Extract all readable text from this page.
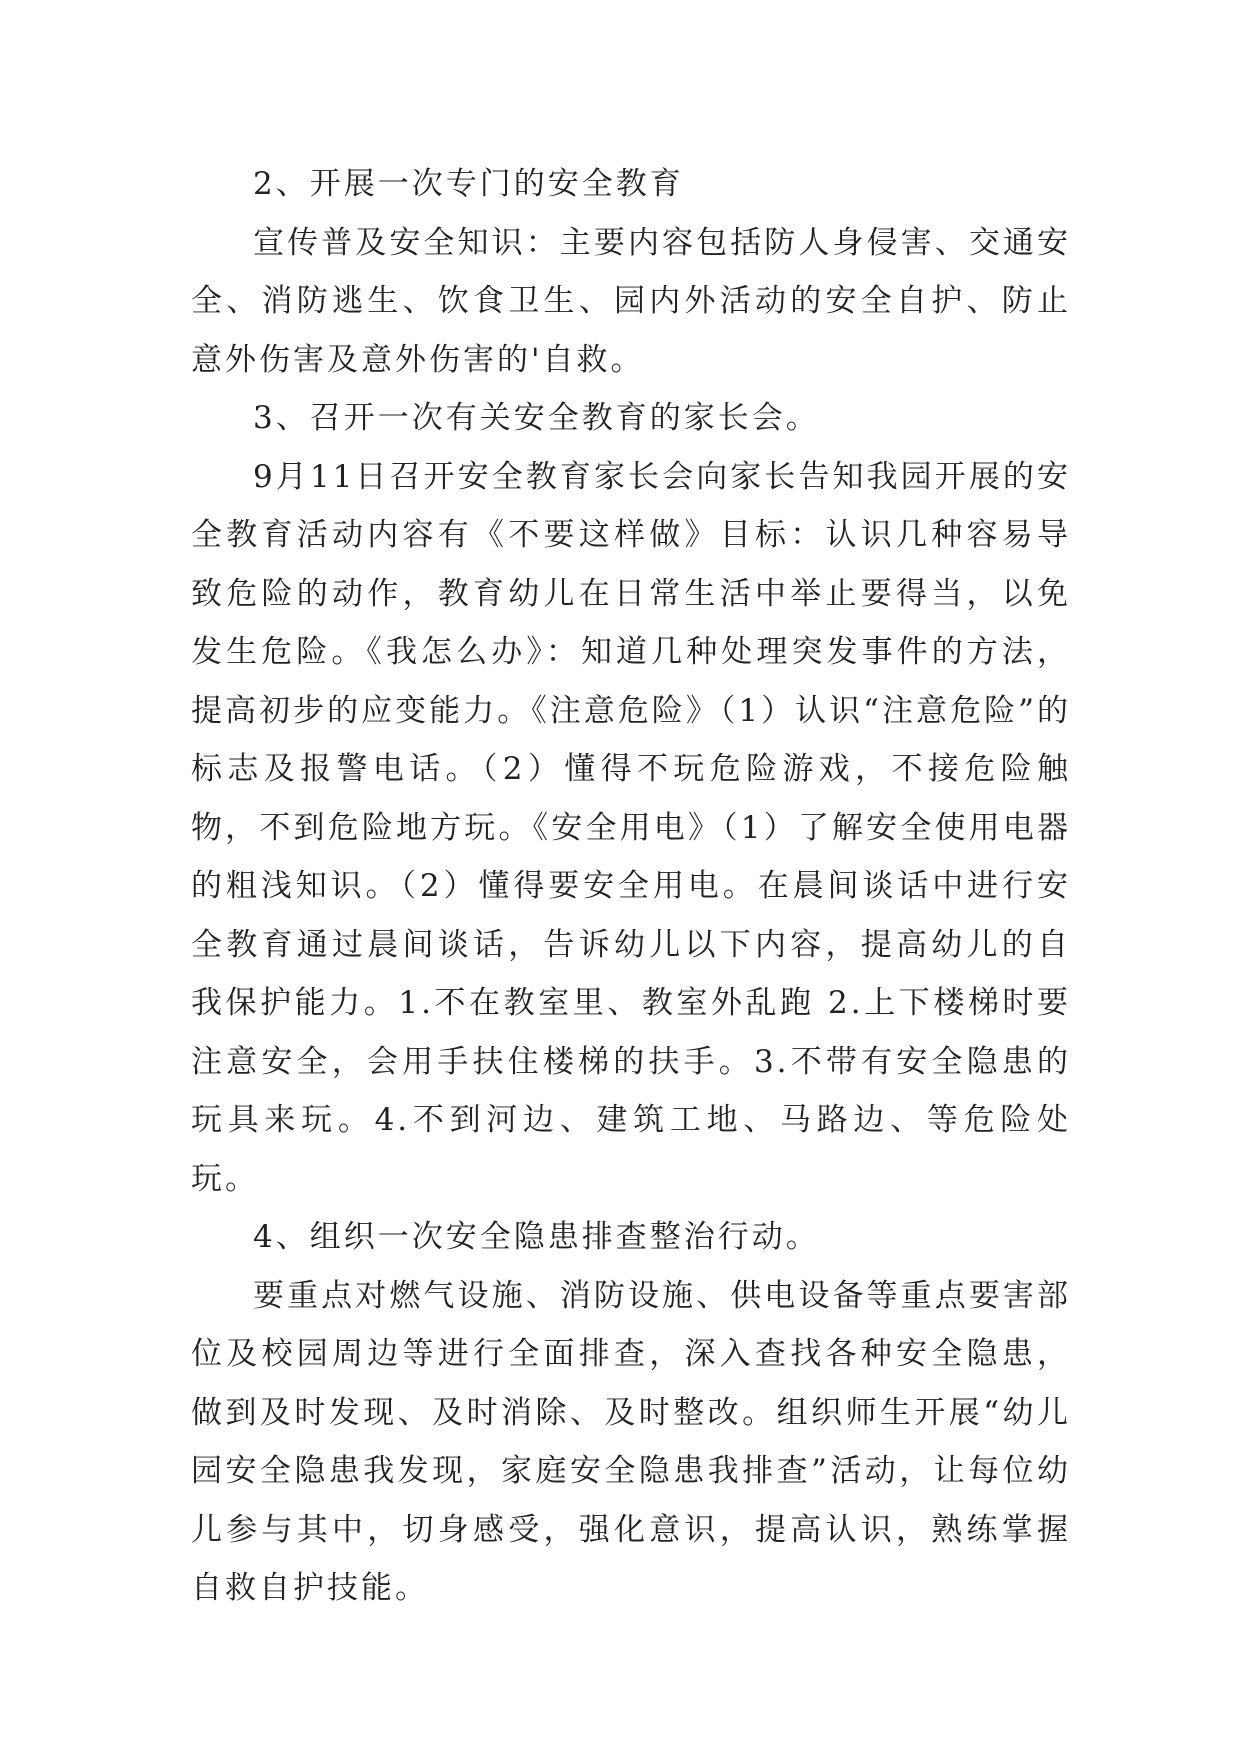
2、开展一次专门的安全教育

宣传普及安全知识：主要内容包括防人身侵害、交通安全、消防逃生、饮食卫生、园内外活动的安全自护、防止意外伤害及意外伤害的'自救。

3、召开一次有关安全教育的家长会。

9月11日召开安全教育家长会向家长告知我园开展的安全教育活动内容有《不要这样做》目标：认识几种容易导致危险的动作，教育幼儿在日常生活中举止要得当，以免发生危险。《我怎么办》：知道几种处理突发事件的方法，提高初步的应变能力。《注意危险》（1）认识“注意危险”的标志及报警电话。（2）懂得不玩危险游戏，不接危险触物，不到危险地方玩。《安全用电》（1）了解安全使用电器的粗浅知识。（2）懂得要安全用电。在晨间谈话中进行安全教育通过晨间谈话，告诉幼儿以下内容，提高幼儿的自我保护能力。1.不在教室里、教室外乱跑 2.上下楼梯时要注意安全，会用手扶住楼梯的扶手。3.不带有安全隐患的玩具来玩。4.不到河边、建筑工地、马路边、等危险处玩。

4、组织一次安全隐患排查整治行动。

要重点对燃气设施、消防设施、供电设备等重点要害部位及校园周边等进行全面排查，深入查找各种安全隐患，做到及时发现、及时消除、及时整改。组织师生开展“幼儿园安全隐患我发现，家庭安全隐患我排查”活动，让每位幼儿参与其中，切身感受，强化意识，提高认识，熟练掌握自救自护技能。
